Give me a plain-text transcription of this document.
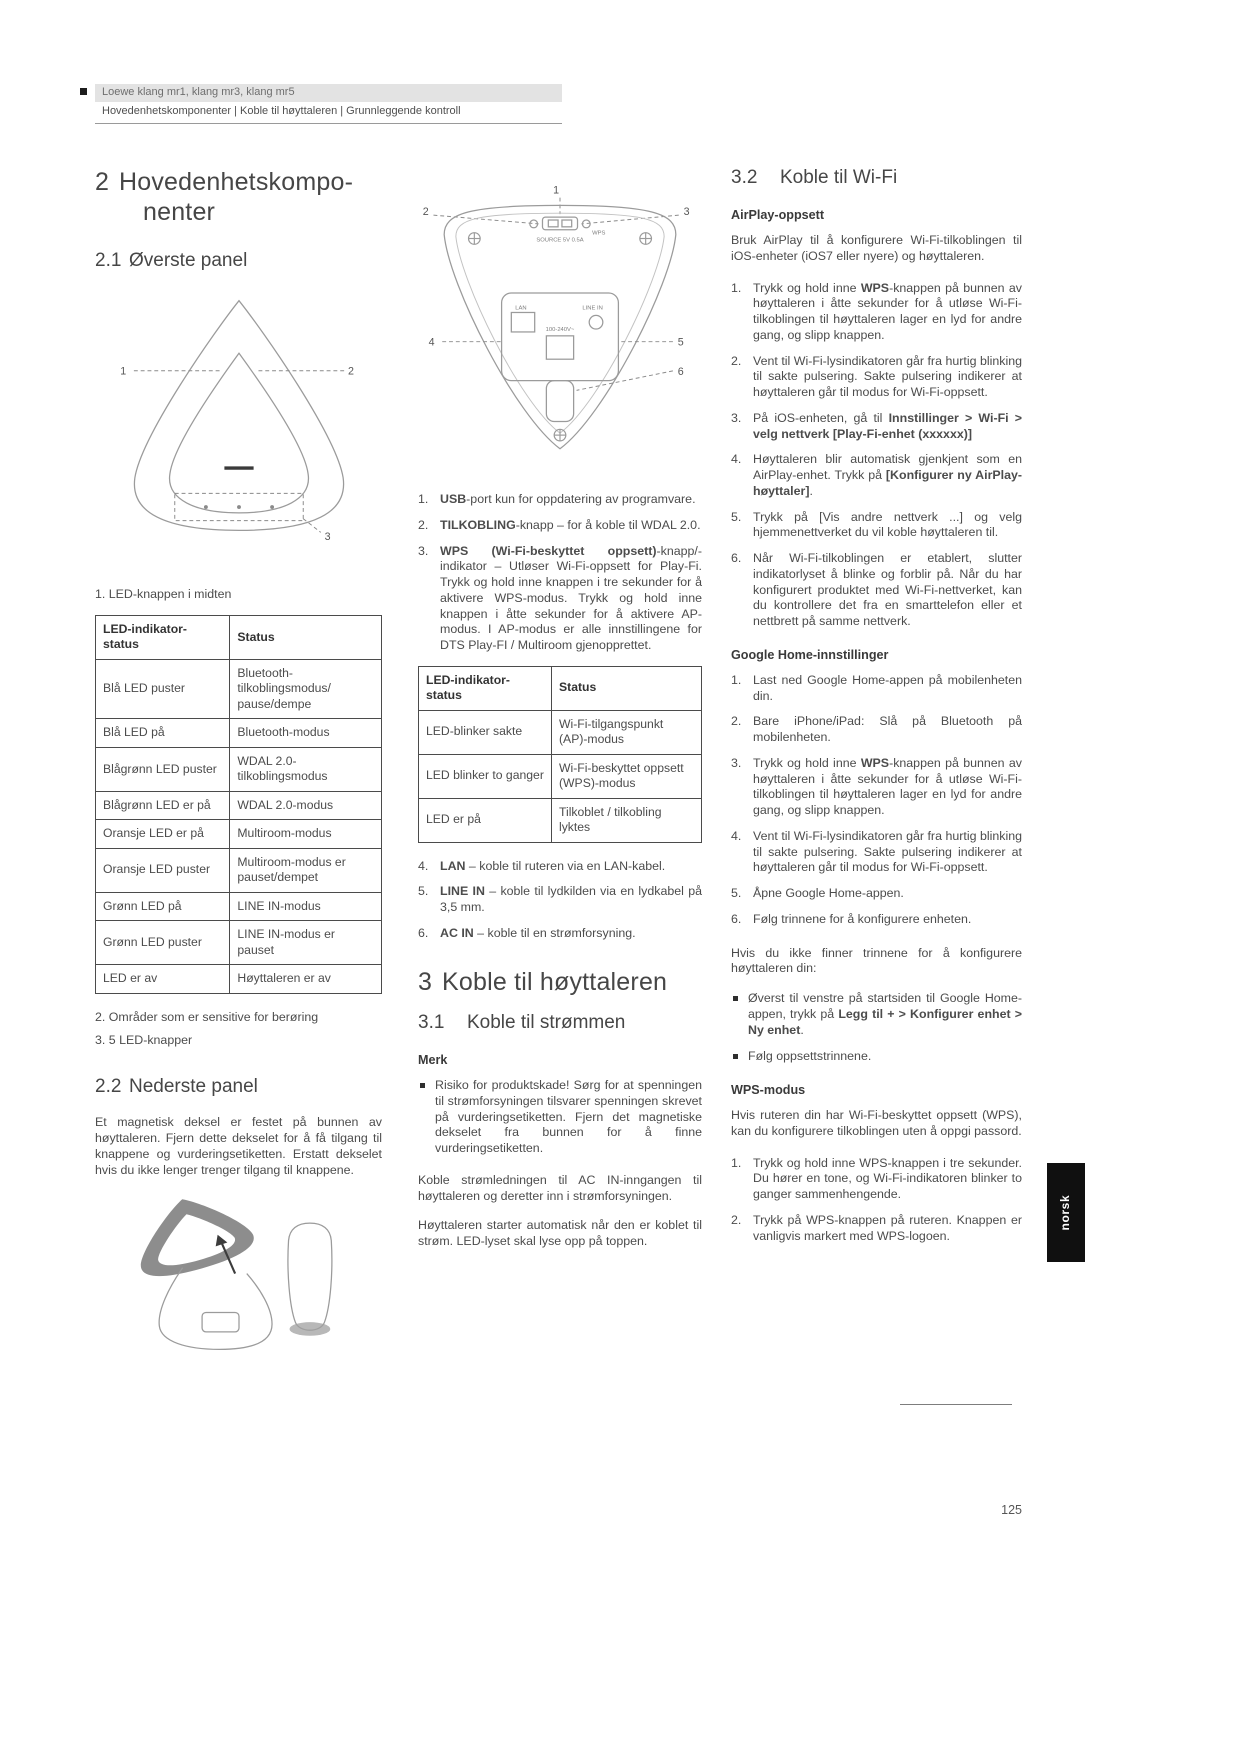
Loewe klang mr1, klang mr3, klang mr5
Hovedenhetskomponenter | Koble til høyttaleren | Grunnleggende kontroll
2 Hovedenhetskompo-
nenter
2.1 Øverste panel
1	2
3
1. LED-knappen i midten
LED-indikator-status	Status
Blå LED puster	Bluetooth-tilkoblingsmodus/ pause/dempe
Blå LED på	Bluetooth-modus
Blågrønn LED puster	WDAL 2.0-tilkoblingsmodus
Blågrønn LED er på	WDAL 2.0-modus
Oransje LED er på	Multiroom-modus
Oransje LED puster	Multiroom-modus er pauset/dempet
Grønn LED på	LINE IN-modus
Grønn LED puster	LINE IN-modus er pauset
LED er av	Høyttaleren er av
2. Områder som er sensitive for berøring
3. 5 LED-knapper
2.2 Nederste panel

Et magnetisk deksel er festet på bunnen av høyttaleren. Fjern dette dekselet for å få tilgang til knappene og vurderingsetiketten. Erstatt dekselet hvis du ikke lenger trenger tilgang til knappene.

1
2	3
SOURCE 5V 0.5A
WPS
LAN	LINE IN
100-240V~
4	5
6
USB-port kun for oppdatering av programvare.
TILKOBLING-knapp – for å koble til WDAL 2.0.
WPS (Wi-Fi-beskyttet oppsett)-knapp/-indikator – Utløser Wi-Fi-oppsett for Play-Fi. Trykk og hold inne knappen i tre sekunder for å aktivere WPS-modus. Trykk og hold inne knappen i åtte sekunder for å aktivere AP-modus. I AP-modus er alle innstillingene for DTS Play-FI / Multiroom gjenopprettet.
LED-indikator-status	Status
LED-blinker sakte	Wi-Fi-tilgangspunkt (AP)-modus
LED blinker to ganger	Wi-Fi-beskyttet oppsett (WPS)-modus
LED er på	Tilkoblet / tilkobling lyktes
LAN – koble til ruteren via en LAN-kabel.
LINE IN – koble til lydkilden via en lydkabel på 3,5 mm.
AC IN – koble til en strømforsyning.
3 Koble til høyttaleren
3.1 Koble til strømmen
Merk
Risiko for produktskade! Sørg for at spenningen til strømforsyningen tilsvarer spenningen skrevet på vurderingsetiketten. Fjern det magnetiske dekselet fra bunnen for å finne vurderingsetiketten.

Koble strømledningen til AC IN-inngangen til høyttaleren og deretter inn i strømforsyningen.

Høyttaleren starter automatisk når den er koblet til strøm. LED-lyset skal lyse opp på toppen.

3.2 Koble til Wi-Fi
AirPlay-oppsett

Bruk AirPlay til å konfigurere Wi-Fi-tilkoblingen til iOS-enheter (iOS7 eller nyere) og høyttaleren.

Trykk og hold inne WPS-knappen på bunnen av høyttaleren i åtte sekunder for å utløse Wi-Fi-tilkoblingen til høyttaleren lager en lyd for andre gang, og slipp knappen.
Vent til Wi-Fi-lysindikatoren går fra hurtig blinking til sakte pulsering. Sakte pulsering indikerer at høyttaleren går til modus for Wi-Fi-oppsett.
På iOS-enheten, gå til Innstillinger > Wi-Fi > velg nettverk [Play-Fi-enhet (xxxxxx)]
Høyttaleren blir automatisk gjenkjent som en AirPlay-enhet. Trykk på [Konfigurer ny AirPlay-høyttaler].
Trykk på [Vis andre nettverk ...] og velg hjemmenettverket du vil koble høyttaleren til.
Når Wi-Fi-tilkoblingen er etablert, slutter indikatorlyset å blinke og forblir på. Når du har konfigurert produktet med Wi-Fi-nettverket, kan du kontrollere det fra en smarttelefon eller et nettbrett på samme nettverk.
Google Home-innstillinger
Last ned Google Home-appen på mobilenheten din.
Bare iPhone/iPad: Slå på Bluetooth på mobilenheten.
Trykk og hold inne WPS-knappen på bunnen av høyttaleren i åtte sekunder for å utløse Wi-Fi-tilkoblingen til høyttaleren lager en lyd for andre gang, og slipp knappen.
Vent til Wi-Fi-lysindikatoren går fra hurtig blinking til sakte pulsering. Sakte pulsering indikerer at høyttaleren går til modus for Wi-Fi-oppsett.
Åpne Google Home-appen.
Følg trinnene for å konfigurere enheten.

Hvis du ikke finner trinnene for å konfigurere høyttaleren din:

Øverst til venstre på startsiden til Google Home-appen, trykk på Legg til + > Konfigurer enhet > Ny enhet.
Følg oppsettstrinnene.
WPS-modus

Hvis ruteren din har Wi-Fi-beskyttet oppsett (WPS), kan du konfigurere tilkoblingen uten å oppgi passord.

Trykk og hold inne WPS-knappen i tre sekunder. Du hører en tone, og Wi-Fi-indikatoren blinker to ganger sammenhengende.
Trykk på WPS-knappen på ruteren. Knappen er vanligvis markert med WPS-logoen.
norsk
125
